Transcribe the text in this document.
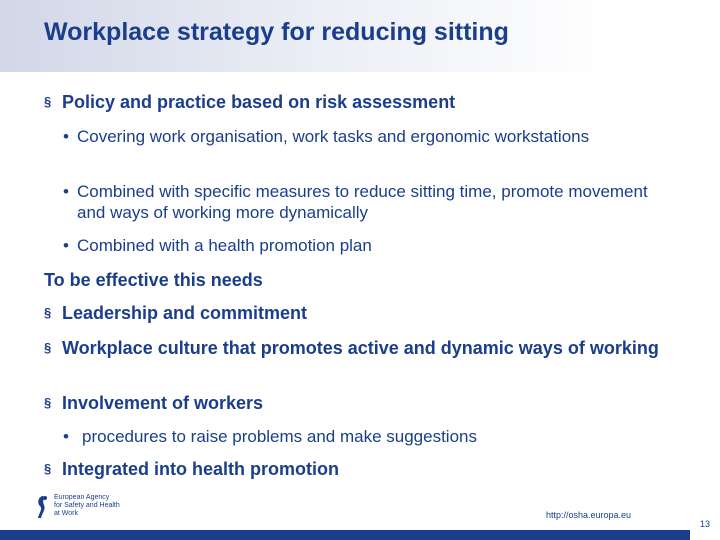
Workplace strategy for reducing sitting
§ Policy and practice based on risk assessment
• Covering work organisation, work tasks and ergonomic workstations
• Combined with specific measures to reduce sitting time, promote movement and ways of working more dynamically
• Combined with a health promotion plan
To be effective this needs
§ Leadership and commitment
§ Workplace culture that promotes active and dynamic ways of working
§ Involvement of workers
• procedures to raise problems and make suggestions
§ Integrated into health promotion
European Agency
for Safety and Health
at Work	http://osha.europa.eu
13
